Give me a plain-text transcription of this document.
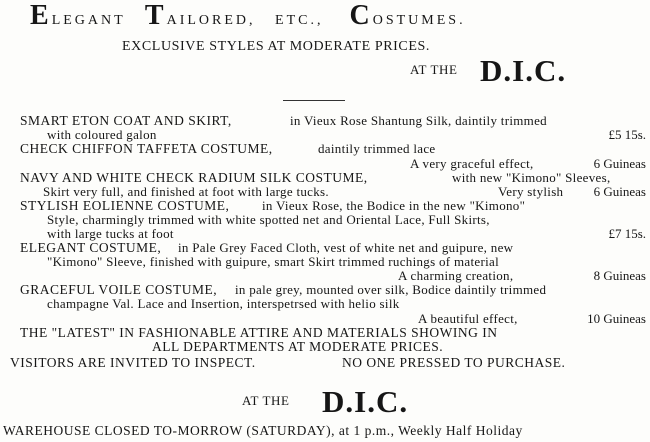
ELEGANT TAILORED, ETC., COSTUMES.
EXCLUSIVE STYLES AT MODERATE PRICES.
AT THE D.I.C.
SMART ETON COAT AND SKIRT,	in Vieux Rose Shantung Silk, daintily trimmed
with coloured galon	£5 15s.
CHECK CHIFFON TAFFETA COSTUME,	daintily trimmed lace
A very graceful effect,	6 Guineas
NAVY AND WHITE CHECK RADIUM SILK COSTUME,	with new "Kimono" Sleeves,
Skirt very full, and finished at foot with large tucks.	Very stylish 6 Guineas
STYLISH EOLIENNE COSTUME,	in Vieux Rose, the Bodice in the new "Kimono"
Style, charmingly trimmed with white spotted net and Oriental Lace, Full Skirts,
with large tucks at foot	£7 15s.
ELEGANT COSTUME, in Pale Grey Faced Cloth, vest of white net and guipure, new
"Kimono" Sleeve, finished with guipure, smart Skirt trimmed ruchings of material
A charming creation,	8 Guineas
GRACEFUL VOILE COSTUME, in pale grey, mounted over silk, Bodice daintily trimmed
champagne Val. Lace and Insertion, interspetrsed with helio silk
A beautiful effect,	10 Guineas
THE "LATEST" IN FASHIONABLE ATTIRE AND MATERIALS SHOWING IN
ALL DEPARTMENTS AT MODERATE PRICES.
VISITORS ARE INVITED TO INSPECT.	NO ONE PRESSED TO PURCHASE.
AT THE D.I.C.
WAREHOUSE CLOSED TO-MORROW (SATURDAY), at 1 p.m., Weekly Half Holiday
